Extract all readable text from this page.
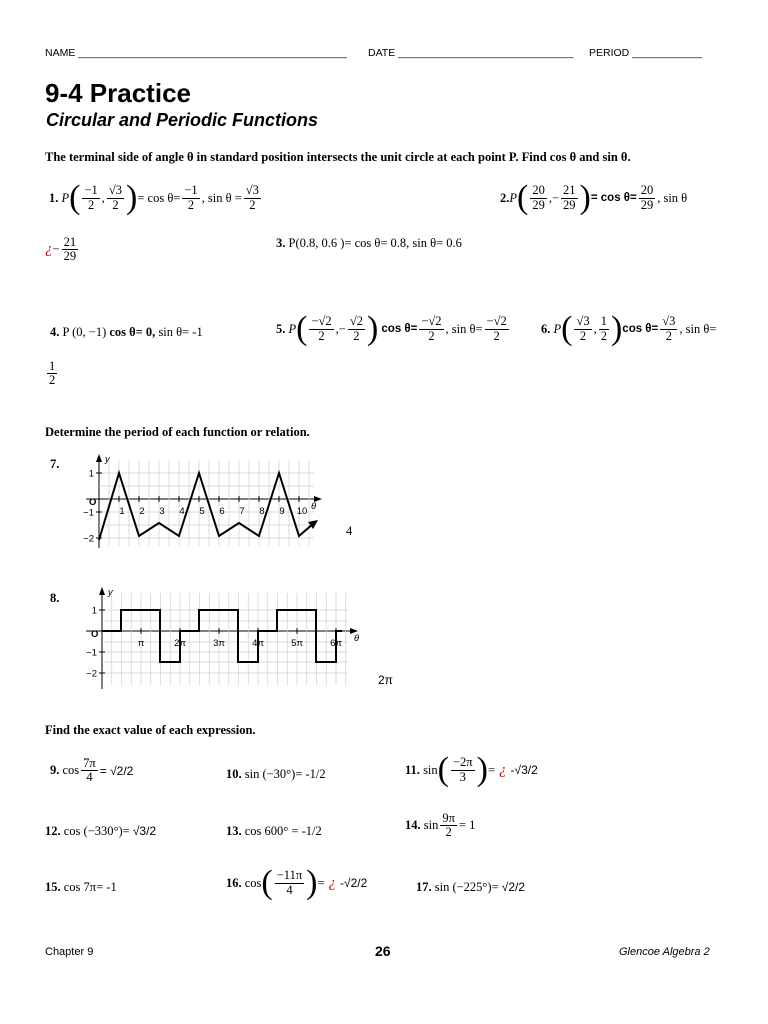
NAME ______________________________________________ DATE ______________________________ PERIOD ____________
9-4 Practice
Circular and Periodic Functions
The terminal side of angle θ in standard position intersects the unit circle at each point P. Find cos θ and sin θ.
1.
P ( $\frac{-1}{2}$ , $\frac{√3}{2}$ ) = $\cos \theta= \frac{-1}{2}$ , $\sin \theta = \frac{√3}{2}$	2. P ( $\frac{20}{29}$ ,− $\frac{21}{29}$ ) = $\cos \theta= \frac{20}{29}$ , sin θ
¿ − $\frac{21}{29}$	3. P(0.8, 0.6 )= cos θ= 0.8, sin θ= 0.6
4. P (0, −1) cos θ= 0, sin θ= -1	5.
P ( $\frac{-√2}{2}$ ,− $\frac{√2}{2}$ )
$\cos \theta= \frac{-√2}{2}$ , $\sin \theta= \frac{-√2}{2}$	6.
P ( $\frac{√3}{2}$ , $\frac{1}{2}$ ) $\cos \theta= \frac{√3}{2}$ , sin θ=
$\frac{1}{2}$
Determine the period of each function or relation.
7.	y
θ
O
1 2 3 4 5 6 7 8 9 10
1
−1
−2
4
8.	y
θ
O
π	2π	3π	4π	5π	6π
1
−1
−2	2π
Find the exact value of each expression.
9.
$\cos \frac{7\pi}{4} = √2/2$	10. sin (−30°)= -1/2	11.
sin ( $\frac{-2\pi}{3}$ ) = ¿ -√3/2
12. cos (−330°)= √3/2	13. cos 600° = -1/2	14.
$\sin \frac{9\pi}{2} = 1$
15. cos 7π= -1	16.
cos ( $\frac{-11\pi}{4}$ ) = ¿ -√2/2	17. sin (−225°)= √2/2
Chapter 9	26	Glencoe Algebra 2
